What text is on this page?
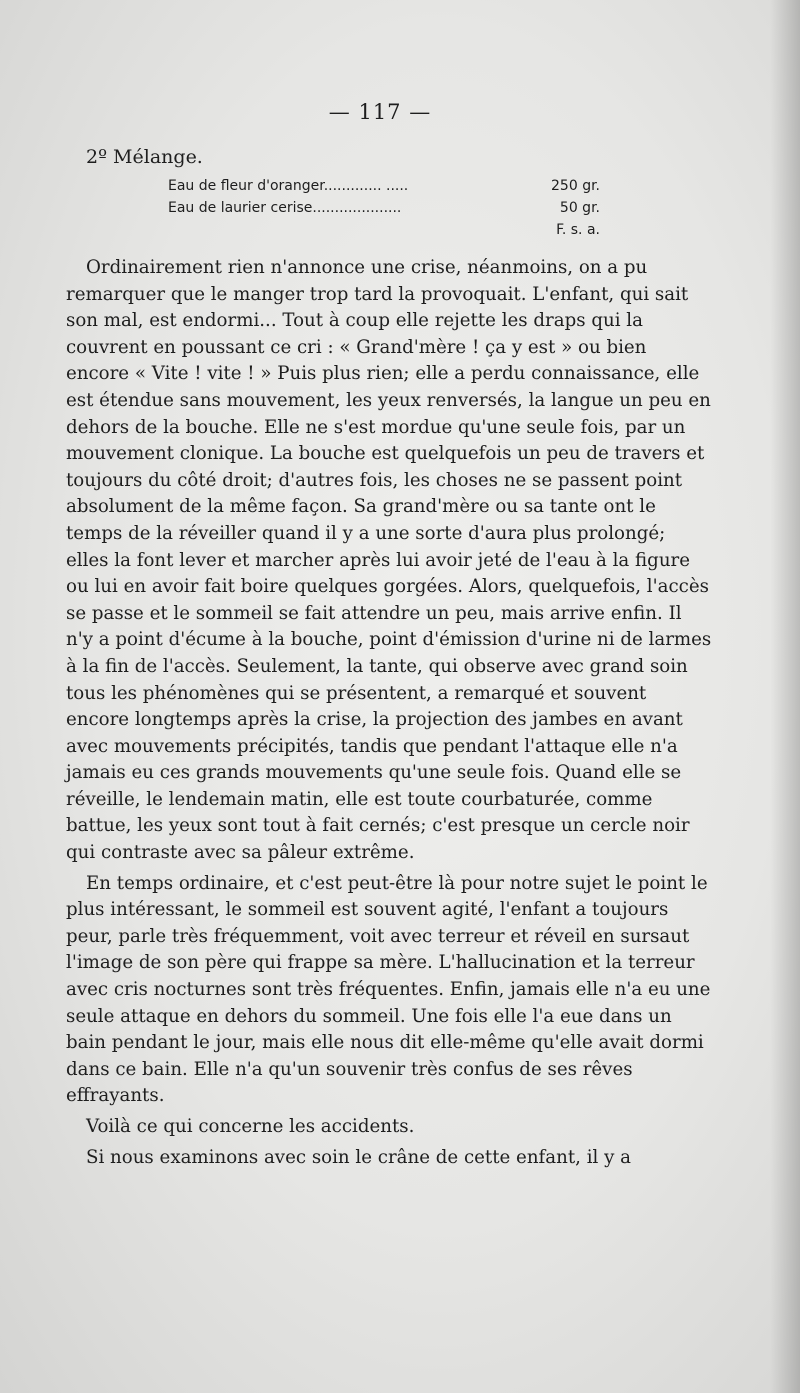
— 117 —
2º Mélange.
Eau de fleur d'oranger............. .....	250 gr.
Eau de laurier cerise....................	50 gr.
F. s. a.

Ordinairement rien n'annonce une crise, néanmoins, on a pu remarquer que le manger trop tard la provoquait. L'enfant, qui sait son mal, est endormi... Tout à coup elle rejette les draps qui la couvrent en poussant ce cri : « Grand'mère ! ça y est » ou bien encore « Vite ! vite ! » Puis plus rien; elle a perdu connaissance, elle est étendue sans mouvement, les yeux renversés, la langue un peu en dehors de la bouche. Elle ne s'est mordue qu'une seule fois, par un mouvement clonique. La bouche est quelquefois un peu de travers et toujours du côté droit; d'autres fois, les choses ne se passent point absolument de la même façon. Sa grand'mère ou sa tante ont le temps de la réveiller quand il y a une sorte d'aura plus prolongé; elles la font lever et marcher après lui avoir jeté de l'eau à la figure ou lui en avoir fait boire quelques gorgées. Alors, quelquefois, l'accès se passe et le sommeil se fait attendre un peu, mais arrive enfin. Il n'y a point d'écume à la bouche, point d'émission d'urine ni de larmes à la fin de l'accès. Seulement, la tante, qui observe avec grand soin tous les phénomènes qui se présentent, a remarqué et souvent encore longtemps après la crise, la projection des jambes en avant avec mouvements précipités, tandis que pendant l'attaque elle n'a jamais eu ces grands mouvements qu'une seule fois. Quand elle se réveille, le lendemain matin, elle est toute courbaturée, comme battue, les yeux sont tout à fait cernés; c'est presque un cercle noir qui contraste avec sa pâleur extrême.

En temps ordinaire, et c'est peut-être là pour notre sujet le point le plus intéressant, le sommeil est souvent agité, l'enfant a toujours peur, parle très fréquemment, voit avec terreur et réveil en sursaut l'image de son père qui frappe sa mère. L'hallucination et la terreur avec cris nocturnes sont très fréquentes. Enfin, jamais elle n'a eu une seule attaque en dehors du sommeil. Une fois elle l'a eue dans un bain pendant le jour, mais elle nous dit elle-même qu'elle avait dormi dans ce bain. Elle n'a qu'un souvenir très confus de ses rêves effrayants.

Voilà ce qui concerne les accidents.

Si nous examinons avec soin le crâne de cette enfant, il y a
